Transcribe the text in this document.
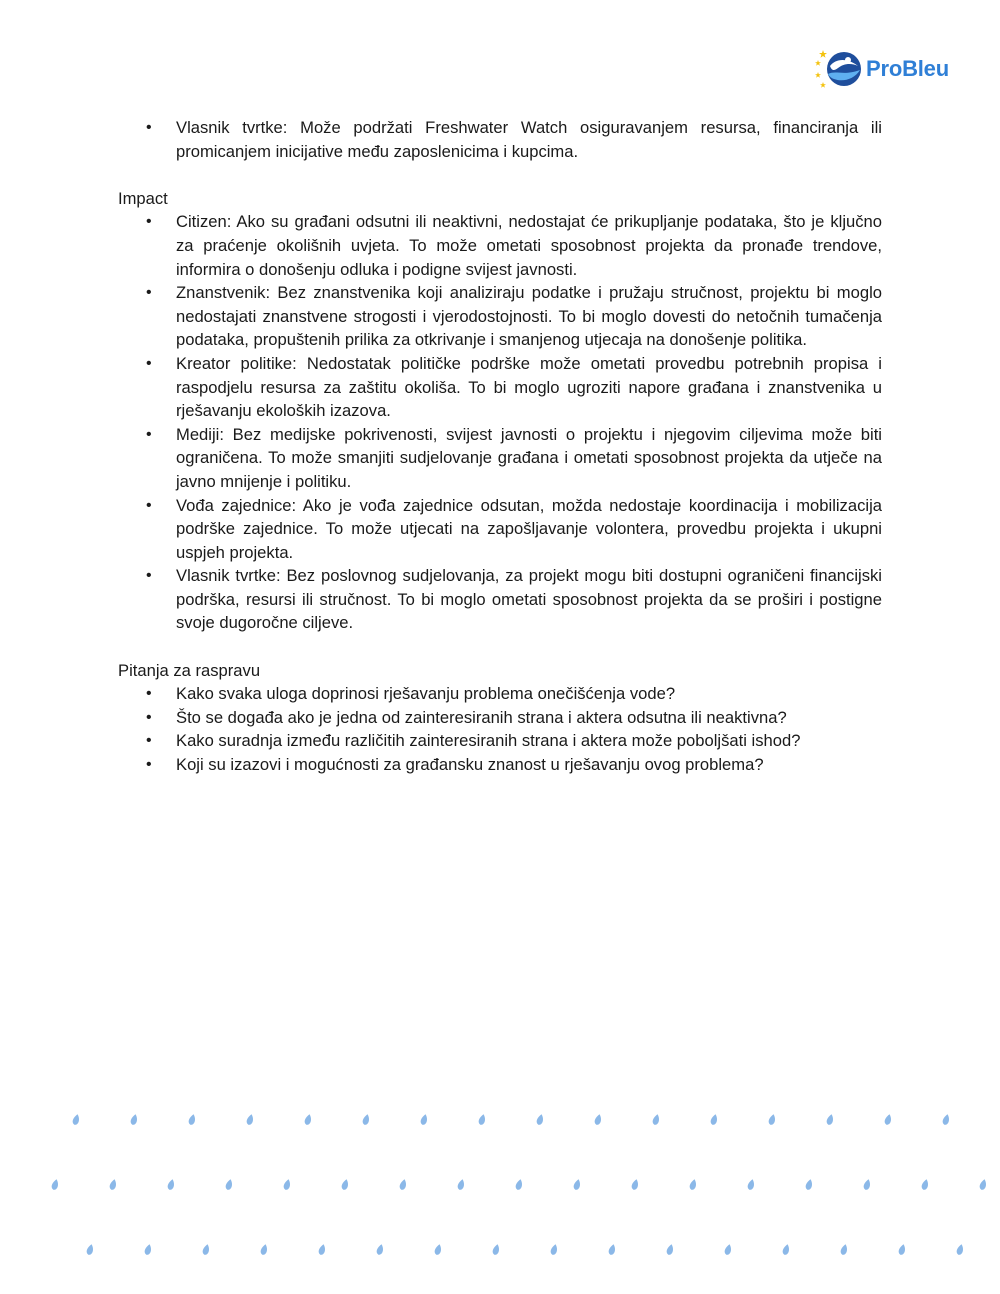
ProBleu
• Vlasnik tvrtke: Može podržati Freshwater Watch osiguravanjem resursa, financiranja ili promicanjem inicijative među zaposlenicima i kupcima.

Impact

• Citizen: Ako su građani odsutni ili neaktivni, nedostajat će prikupljanje podataka, što je ključno za praćenje okolišnih uvjeta. To može ometati sposobnost projekta da pronađe trendove, informira o donošenju odluka i podigne svijest javnosti.
• Znanstvenik: Bez znanstvenika koji analiziraju podatke i pružaju stručnost, projektu bi moglo nedostajati znanstvene strogosti i vjerodostojnosti. To bi moglo dovesti do netočnih tumačenja podataka, propuštenih prilika za otkrivanje i smanjenog utjecaja na donošenje politika.
• Kreator politike: Nedostatak političke podrške može ometati provedbu potrebnih propisa i raspodjelu resursa za zaštitu okoliša. To bi moglo ugroziti napore građana i znanstvenika u rješavanju ekoloških izazova.
• Mediji: Bez medijske pokrivenosti, svijest javnosti o projektu i njegovim ciljevima može biti ograničena. To može smanjiti sudjelovanje građana i ometati sposobnost projekta da utječe na javno mnijenje i politiku.
• Vođa zajednice: Ako je vođa zajednice odsutan, možda nedostaje koordinacija i mobilizacija podrške zajednice. To može utjecati na zapošljavanje volontera, provedbu projekta i ukupni uspjeh projekta.
• Vlasnik tvrtke: Bez poslovnog sudjelovanja, za projekt mogu biti dostupni ograničeni financijski podrška, resursi ili stručnost. To bi moglo ometati sposobnost projekta da se proširi i postigne svoje dugoročne ciljeve.

Pitanja za raspravu

• Kako svaka uloga doprinosi rješavanju problema onečišćenja vode?
• Što se događa ako je jedna od zainteresiranih strana i aktera odsutna ili neaktivna?
• Kako suradnja između različitih zainteresiranih strana i aktera može poboljšati ishod?
• Koji su izazovi i mogućnosti za građansku znanost u rješavanju ovog problema?
